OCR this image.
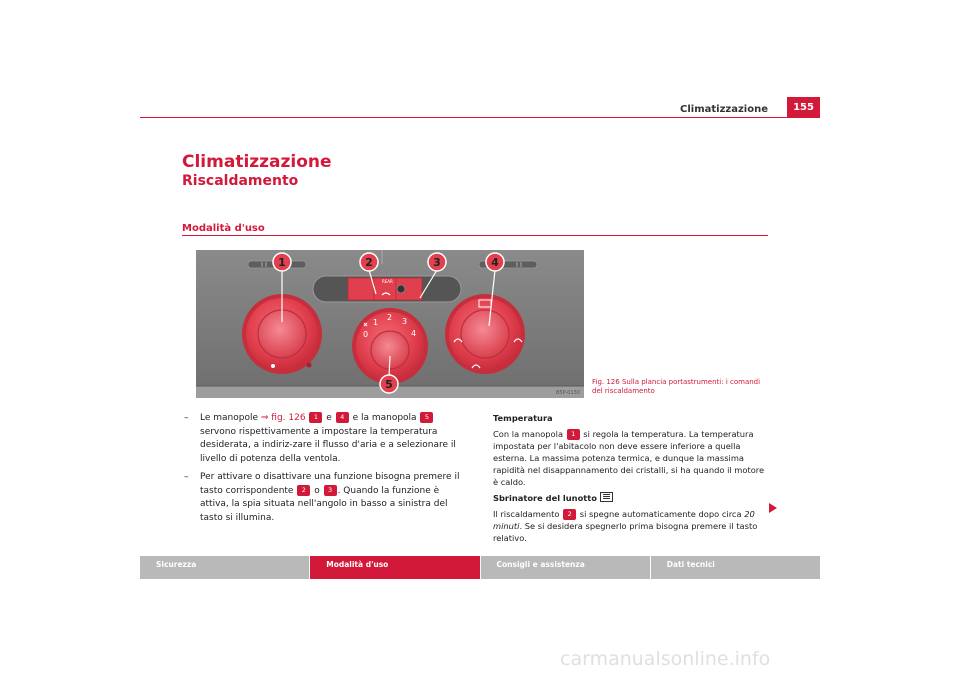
Climatizzazione	155
Climatizzazione
Riscaldamento
Modalità d'uso
REAR
0
1
2 3
4
1	2	3	4
5
B5P-0130
Fig. 126 Sulla plancia portastrumenti: i comandi del riscaldamento
– Le manopole ⇒ fig. 126 1 e 4 e la manopola 5 servono rispettivamente a impostare la temperatura desiderata, a indiriz-zare il flusso d'aria e a selezionare il livello di potenza della ventola.
– Per attivare o disattivare una funzione bisogna premere il tasto corrispondente 2 o 3 . Quando la funzione è attiva, la spia situata nell'angolo in basso a sinistra del tasto si illumina.

Temperatura

Con la manopola 1 si regola la temperatura. La temperatura impostata per l'abitacolo non deve essere inferiore a quella esterna. La massima potenza termica, e dunque la massima rapidità nel disappannamento dei cristalli, si ha quando il motore è caldo.

Sbrinatore del lunotto

Il riscaldamento 2 si spegne automaticamente dopo circa 20 minuti. Se si desidera spegnerlo prima bisogna premere il tasto relativo.

Sicurezza	Modalità d'uso	Consigli e assistenza	Dati tecnici
carmanualsonline.info
